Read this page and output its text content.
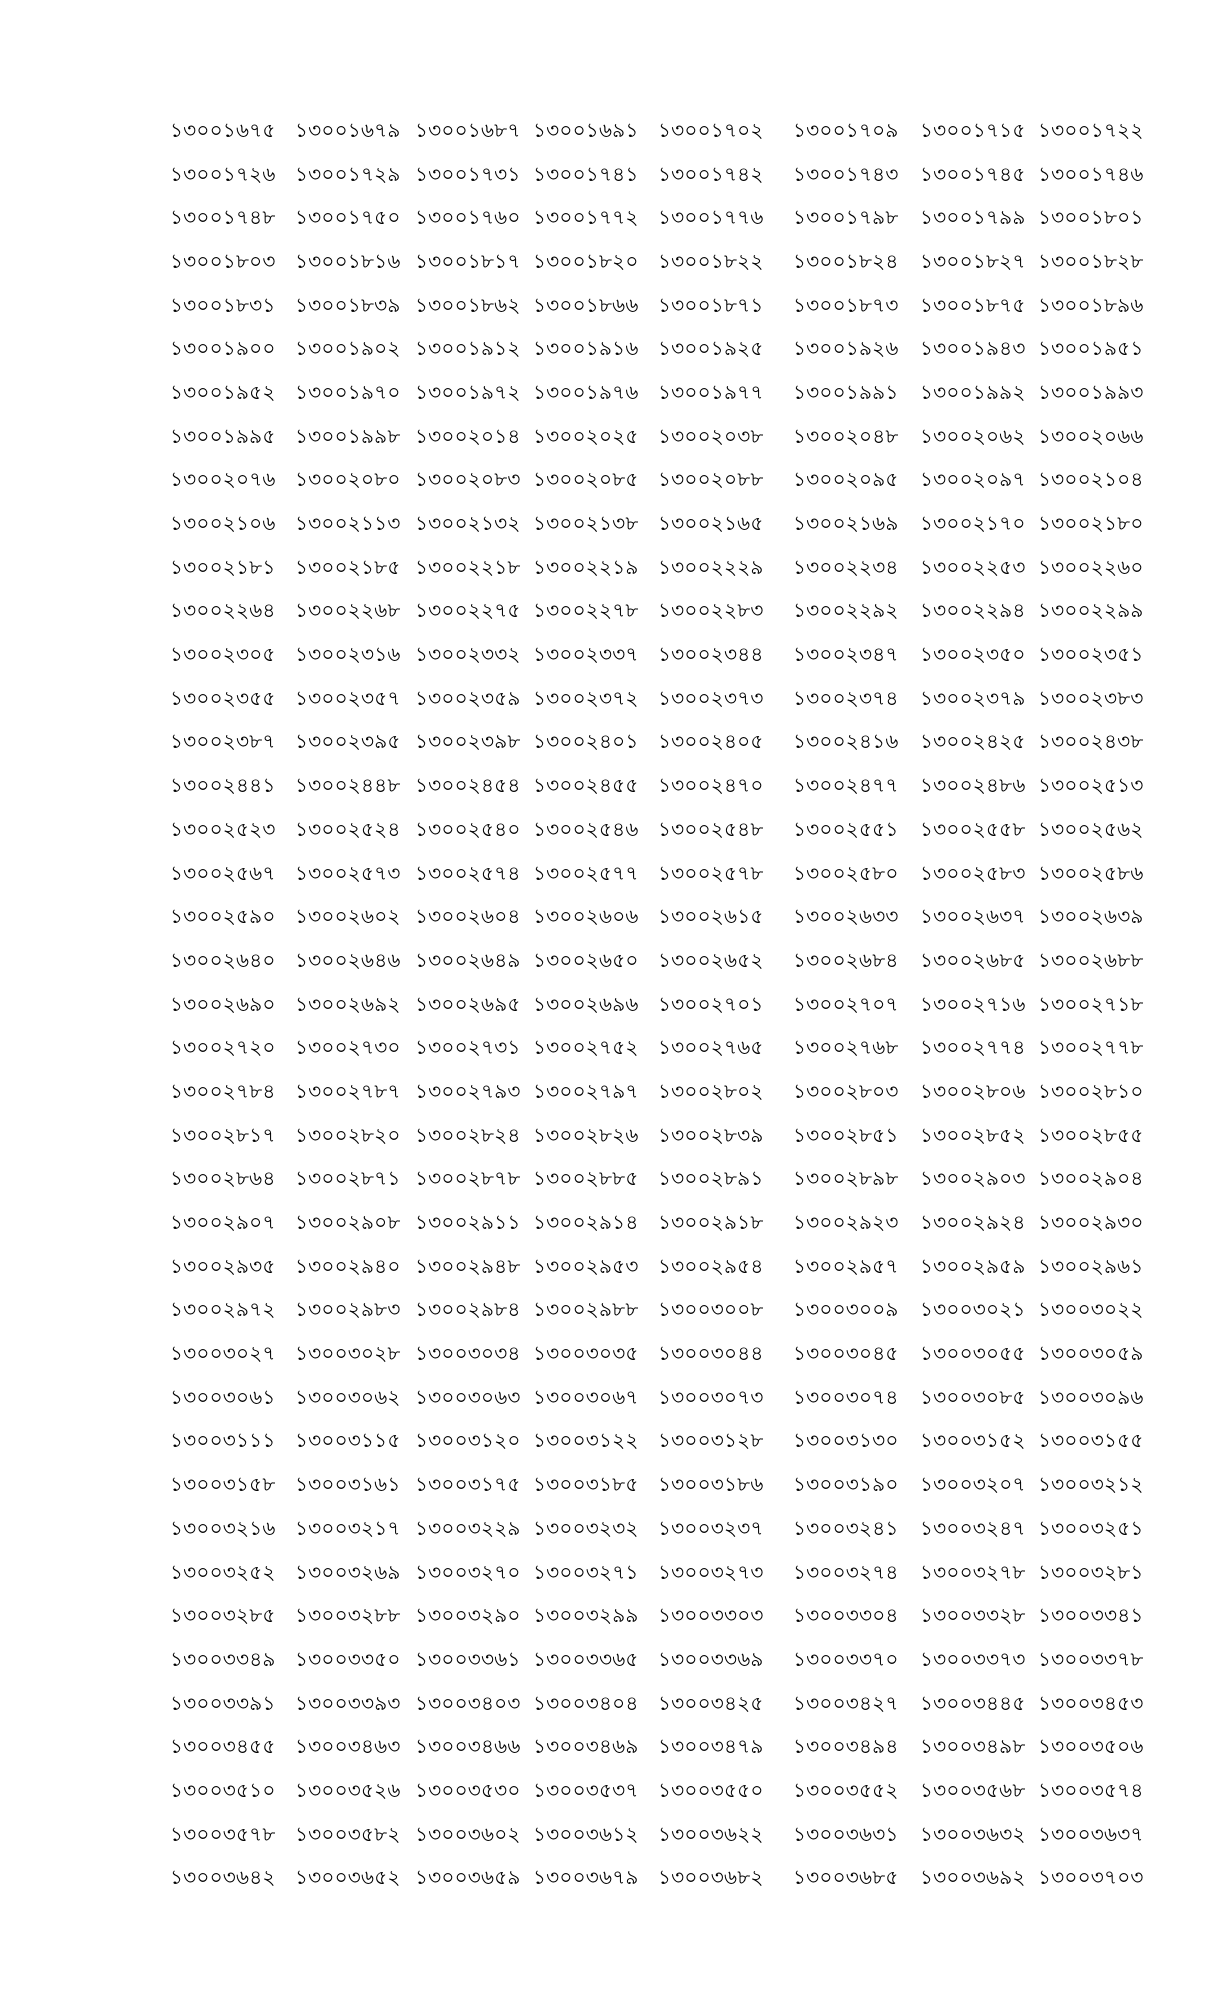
১৩০০১৬৭৫ ১৩০০১৬৭৯ ১৩০০১৬৮৭ ১৩০০১৬৯১ ১৩০০১৭০২	১৩০০১৭০৯	১৩০০১৭১৫ ১৩০০১৭২২
১৩০০১৭২৬ ১৩০০১৭২৯ ১৩০০১৭৩১ ১৩০০১৭৪১ ১৩০০১৭৪২	১৩০০১৭৪৩	১৩০০১৭৪৫ ১৩০০১৭৪৬
১৩০০১৭৪৮ ১৩০০১৭৫০ ১৩০০১৭৬০ ১৩০০১৭৭২ ১৩০০১৭৭৬	১৩০০১৭৯৮	১৩০০১৭৯৯ ১৩০০১৮০১
১৩০০১৮০৩ ১৩০০১৮১৬ ১৩০০১৮১৭ ১৩০০১৮২০ ১৩০০১৮২২	১৩০০১৮২৪	১৩০০১৮২৭ ১৩০০১৮২৮
১৩০০১৮৩১ ১৩০০১৮৩৯ ১৩০০১৮৬২ ১৩০০১৮৬৬ ১৩০০১৮৭১	১৩০০১৮৭৩	১৩০০১৮৭৫ ১৩০০১৮৯৬
১৩০০১৯০০ ১৩০০১৯০২ ১৩০০১৯১২ ১৩০০১৯১৬ ১৩০০১৯২৫	১৩০০১৯২৬	১৩০০১৯৪৩ ১৩০০১৯৫১
১৩০০১৯৫২ ১৩০০১৯৭০ ১৩০০১৯৭২ ১৩০০১৯৭৬ ১৩০০১৯৭৭	১৩০০১৯৯১	১৩০০১৯৯২ ১৩০০১৯৯৩
১৩০০১৯৯৫ ১৩০০১৯৯৮ ১৩০০২০১৪ ১৩০০২০২৫ ১৩০০২০৩৮	১৩০০২০৪৮	১৩০০২০৬২ ১৩০০২০৬৬
১৩০০২০৭৬ ১৩০০২০৮০ ১৩০০২০৮৩ ১৩০০২০৮৫ ১৩০০২০৮৮	১৩০০২০৯৫	১৩০০২০৯৭ ১৩০০২১০৪
১৩০০২১০৬ ১৩০০২১১৩ ১৩০০২১৩২ ১৩০০২১৩৮ ১৩০০২১৬৫	১৩০০২১৬৯	১৩০০২১৭০ ১৩০০২১৮০
১৩০০২১৮১ ১৩০০২১৮৫ ১৩০০২২১৮ ১৩০০২২১৯ ১৩০০২২২৯	১৩০০২২৩৪	১৩০০২২৫৩ ১৩০০২২৬০
১৩০০২২৬৪ ১৩০০২২৬৮ ১৩০০২২৭৫ ১৩০০২২৭৮ ১৩০০২২৮৩	১৩০০২২৯২	১৩০০২২৯৪ ১৩০০২২৯৯
১৩০০২৩০৫ ১৩০০২৩১৬ ১৩০০২৩৩২ ১৩০০২৩৩৭ ১৩০০২৩৪৪	১৩০০২৩৪৭	১৩০০২৩৫০ ১৩০০২৩৫১
১৩০০২৩৫৫ ১৩০০২৩৫৭ ১৩০০২৩৫৯ ১৩০০২৩৭২ ১৩০০২৩৭৩	১৩০০২৩৭৪	১৩০০২৩৭৯ ১৩০০২৩৮৩
১৩০০২৩৮৭ ১৩০০২৩৯৫ ১৩০০২৩৯৮ ১৩০০২৪০১ ১৩০০২৪০৫	১৩০০২৪১৬	১৩০০২৪২৫ ১৩০০২৪৩৮
১৩০০২৪৪১ ১৩০০২৪৪৮ ১৩০০২৪৫৪ ১৩০০২৪৫৫ ১৩০০২৪৭০	১৩০০২৪৭৭	১৩০০২৪৮৬ ১৩০০২৫১৩
১৩০০২৫২৩ ১৩০০২৫২৪ ১৩০০২৫৪০ ১৩০০২৫৪৬ ১৩০০২৫৪৮	১৩০০২৫৫১	১৩০০২৫৫৮ ১৩০০২৫৬২
১৩০০২৫৬৭ ১৩০০২৫৭৩ ১৩০০২৫৭৪ ১৩০০২৫৭৭ ১৩০০২৫৭৮	১৩০০২৫৮০	১৩০০২৫৮৩ ১৩০০২৫৮৬
১৩০০২৫৯০ ১৩০০২৬০২ ১৩০০২৬০৪ ১৩০০২৬০৬ ১৩০০২৬১৫	১৩০০২৬৩৩	১৩০০২৬৩৭ ১৩০০২৬৩৯
১৩০০২৬৪০ ১৩০০২৬৪৬ ১৩০০২৬৪৯ ১৩০০২৬৫০ ১৩০০২৬৫২	১৩০০২৬৮৪	১৩০০২৬৮৫ ১৩০০২৬৮৮
১৩০০২৬৯০ ১৩০০২৬৯২ ১৩০০২৬৯৫ ১৩০০২৬৯৬ ১৩০০২৭০১	১৩০০২৭০৭	১৩০০২৭১৬ ১৩০০২৭১৮
১৩০০২৭২০ ১৩০০২৭৩০ ১৩০০২৭৩১ ১৩০০২৭৫২ ১৩০০২৭৬৫	১৩০০২৭৬৮	১৩০০২৭৭৪ ১৩০০২৭৭৮
১৩০০২৭৮৪ ১৩০০২৭৮৭ ১৩০০২৭৯৩ ১৩০০২৭৯৭ ১৩০০২৮০২	১৩০০২৮০৩	১৩০০২৮০৬ ১৩০০২৮১০
১৩০০২৮১৭ ১৩০০২৮২০ ১৩০০২৮২৪ ১৩০০২৮২৬ ১৩০০২৮৩৯	১৩০০২৮৫১	১৩০০২৮৫২ ১৩০০২৮৫৫
১৩০০২৮৬৪ ১৩০০২৮৭১ ১৩০০২৮৭৮ ১৩০০২৮৮৫ ১৩০০২৮৯১	১৩০০২৮৯৮	১৩০০২৯০৩ ১৩০০২৯০৪
১৩০০২৯০৭ ১৩০০২৯০৮ ১৩০০২৯১১ ১৩০০২৯১৪ ১৩০০২৯১৮	১৩০০২৯২৩	১৩০০২৯২৪ ১৩০০২৯৩০
১৩০০২৯৩৫ ১৩০০২৯৪০ ১৩০০২৯৪৮ ১৩০০২৯৫৩ ১৩০০২৯৫৪	১৩০০২৯৫৭	১৩০০২৯৫৯ ১৩০০২৯৬১
১৩০০২৯৭২ ১৩০০২৯৮৩ ১৩০০২৯৮৪ ১৩০০২৯৮৮ ১৩০০৩০০৮	১৩০০৩০০৯	১৩০০৩০২১ ১৩০০৩০২২
১৩০০৩০২৭ ১৩০০৩০২৮ ১৩০০৩০৩৪ ১৩০০৩০৩৫ ১৩০০৩০৪৪	১৩০০৩০৪৫	১৩০০৩০৫৫ ১৩০০৩০৫৯
১৩০০৩০৬১ ১৩০০৩০৬২ ১৩০০৩০৬৩ ১৩০০৩০৬৭ ১৩০০৩০৭৩	১৩০০৩০৭৪	১৩০০৩০৮৫ ১৩০০৩০৯৬
১৩০০৩১১১ ১৩০০৩১১৫ ১৩০০৩১২০ ১৩০০৩১২২ ১৩০০৩১২৮	১৩০০৩১৩০	১৩০০৩১৫২ ১৩০০৩১৫৫
১৩০০৩১৫৮ ১৩০০৩১৬১ ১৩০০৩১৭৫ ১৩০০৩১৮৫ ১৩০০৩১৮৬	১৩০০৩১৯০	১৩০০৩২০৭ ১৩০০৩২১২
১৩০০৩২১৬ ১৩০০৩২১৭ ১৩০০৩২২৯ ১৩০০৩২৩২ ১৩০০৩২৩৭	১৩০০৩২৪১	১৩০০৩২৪৭ ১৩০০৩২৫১
১৩০০৩২৫২ ১৩০০৩২৬৯ ১৩০০৩২৭০ ১৩০০৩২৭১ ১৩০০৩২৭৩	১৩০০৩২৭৪	১৩০০৩২৭৮ ১৩০০৩২৮১
১৩০০৩২৮৫ ১৩০০৩২৮৮ ১৩০০৩২৯০ ১৩০০৩২৯৯ ১৩০০৩৩০৩	১৩০০৩৩০৪	১৩০০৩৩২৮ ১৩০০৩৩৪১
১৩০০৩৩৪৯ ১৩০০৩৩৫০ ১৩০০৩৩৬১ ১৩০০৩৩৬৫ ১৩০০৩৩৬৯	১৩০০৩৩৭০	১৩০০৩৩৭৩ ১৩০০৩৩৭৮
১৩০০৩৩৯১ ১৩০০৩৩৯৩ ১৩০০৩৪০৩ ১৩০০৩৪০৪ ১৩০০৩৪২৫	১৩০০৩৪২৭	১৩০০৩৪৪৫ ১৩০০৩৪৫৩
১৩০০৩৪৫৫ ১৩০০৩৪৬৩ ১৩০০৩৪৬৬ ১৩০০৩৪৬৯ ১৩০০৩৪৭৯	১৩০০৩৪৯৪	১৩০০৩৪৯৮ ১৩০০৩৫০৬
১৩০০৩৫১০ ১৩০০৩৫২৬ ১৩০০৩৫৩০ ১৩০০৩৫৩৭ ১৩০০৩৫৫০	১৩০০৩৫৫২	১৩০০৩৫৬৮ ১৩০০৩৫৭৪
১৩০০৩৫৭৮ ১৩০০৩৫৮২ ১৩০০৩৬০২ ১৩০০৩৬১২ ১৩০০৩৬২২	১৩০০৩৬৩১	১৩০০৩৬৩২ ১৩০০৩৬৩৭
১৩০০৩৬৪২ ১৩০০৩৬৫২ ১৩০০৩৬৫৯ ১৩০০৩৬৭৯ ১৩০০৩৬৮২	১৩০০৩৬৮৫	১৩০০৩৬৯২ ১৩০০৩৭০৩
